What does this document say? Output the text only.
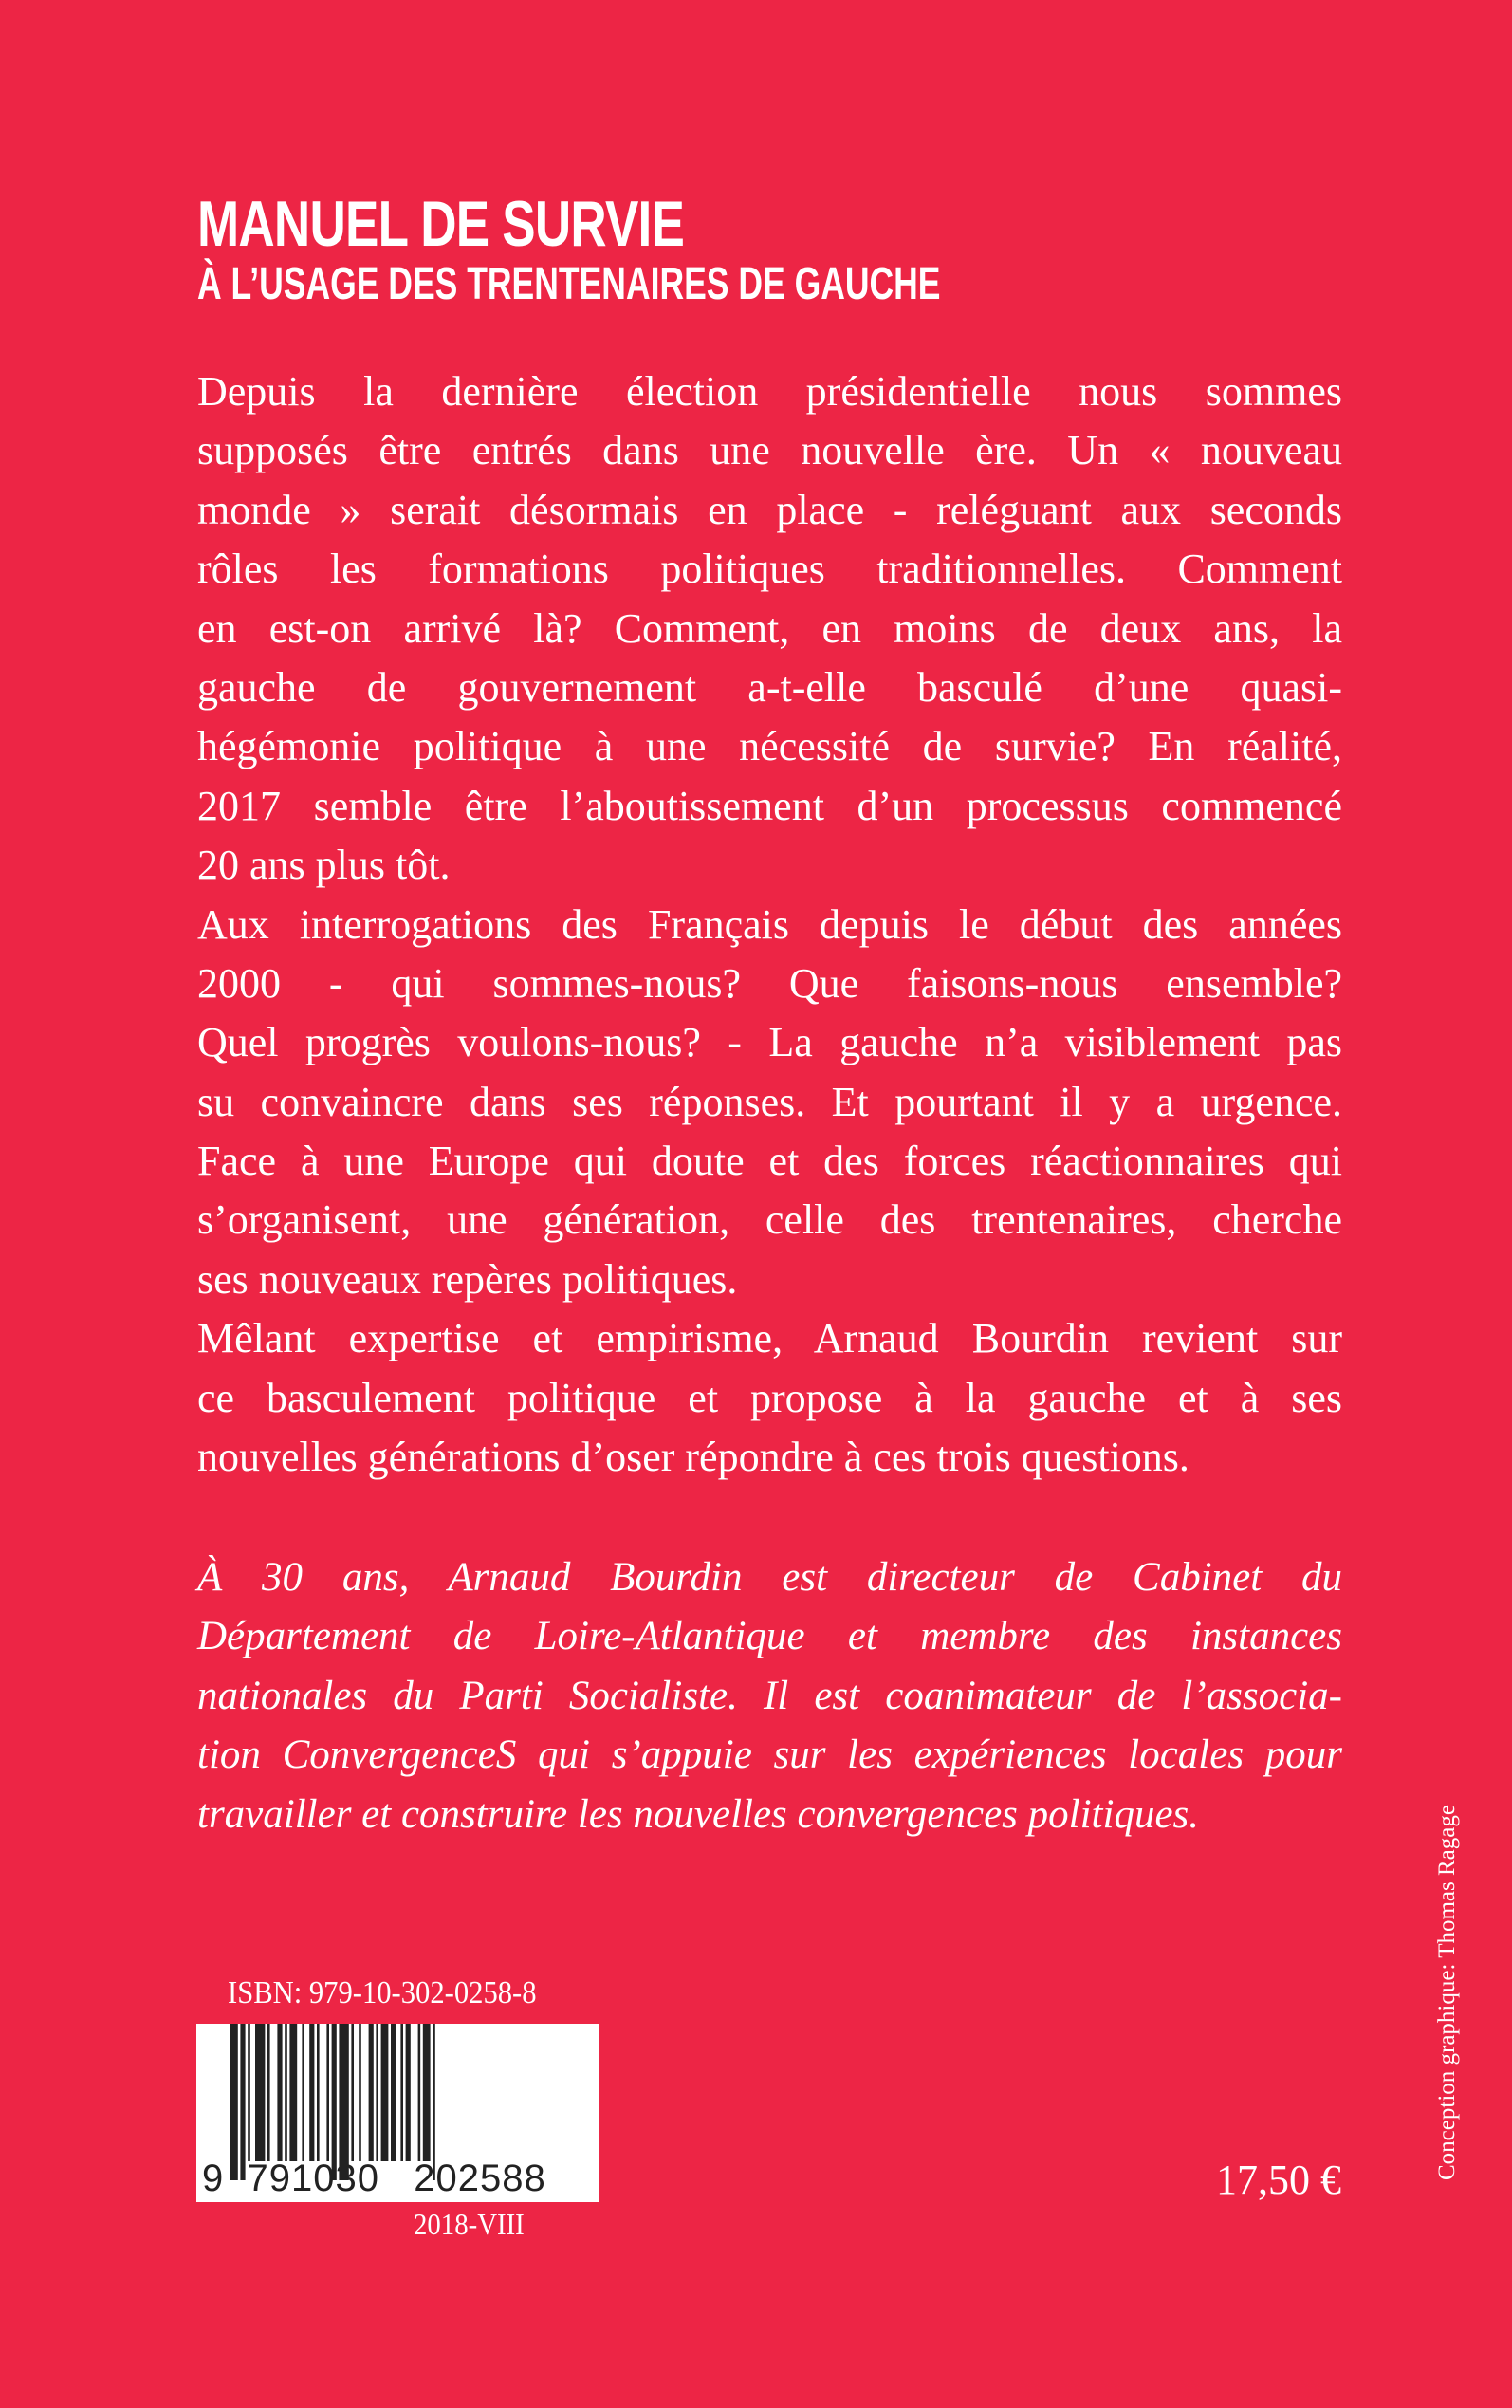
MANUEL DE SURVIE
À L’USAGE DES TRENTENAIRES DE GAUCHE
Depuis la dernière élection présidentielle nous sommes
supposés être entrés dans une nouvelle ère. Un « nouveau
monde » serait désormais en place - reléguant aux seconds
rôles les formations politiques traditionnelles. Comment
en est-on arrivé là? Comment, en moins de deux ans, la
gauche de gouvernement a-t-elle basculé d’une quasi-
hégémonie politique à une nécessité de survie? En réalité,
2017 semble être l’aboutissement d’un processus commencé
20 ans plus tôt.
Aux interrogations des Français depuis le début des années
2000 - qui sommes-nous? Que faisons-nous ensemble?
Quel progrès voulons-nous? - La gauche n’a visiblement pas
su convaincre dans ses réponses. Et pourtant il y a urgence.
Face à une Europe qui doute et des forces réactionnaires qui
s’organisent, une génération, celle des trentenaires, cherche
ses nouveaux repères politiques.
Mêlant expertise et empirisme, Arnaud Bourdin revient sur
ce basculement politique et propose à la gauche et à ses
nouvelles générations d’oser répondre à ces trois questions.
À 30 ans, Arnaud Bourdin est directeur de Cabinet du
Département de Loire-Atlantique et membre des instances
nationales du Parti Socialiste. Il est coanimateur de l’associa-
tion ConvergenceS qui s’appuie sur les expériences locales pour
travailler et construire les nouvelles convergences politiques.
ISBN: 979-10-302-0258-8
9  791030   202588
2018-VIII
17,50 €	Conception graphique: Thomas Ragage
